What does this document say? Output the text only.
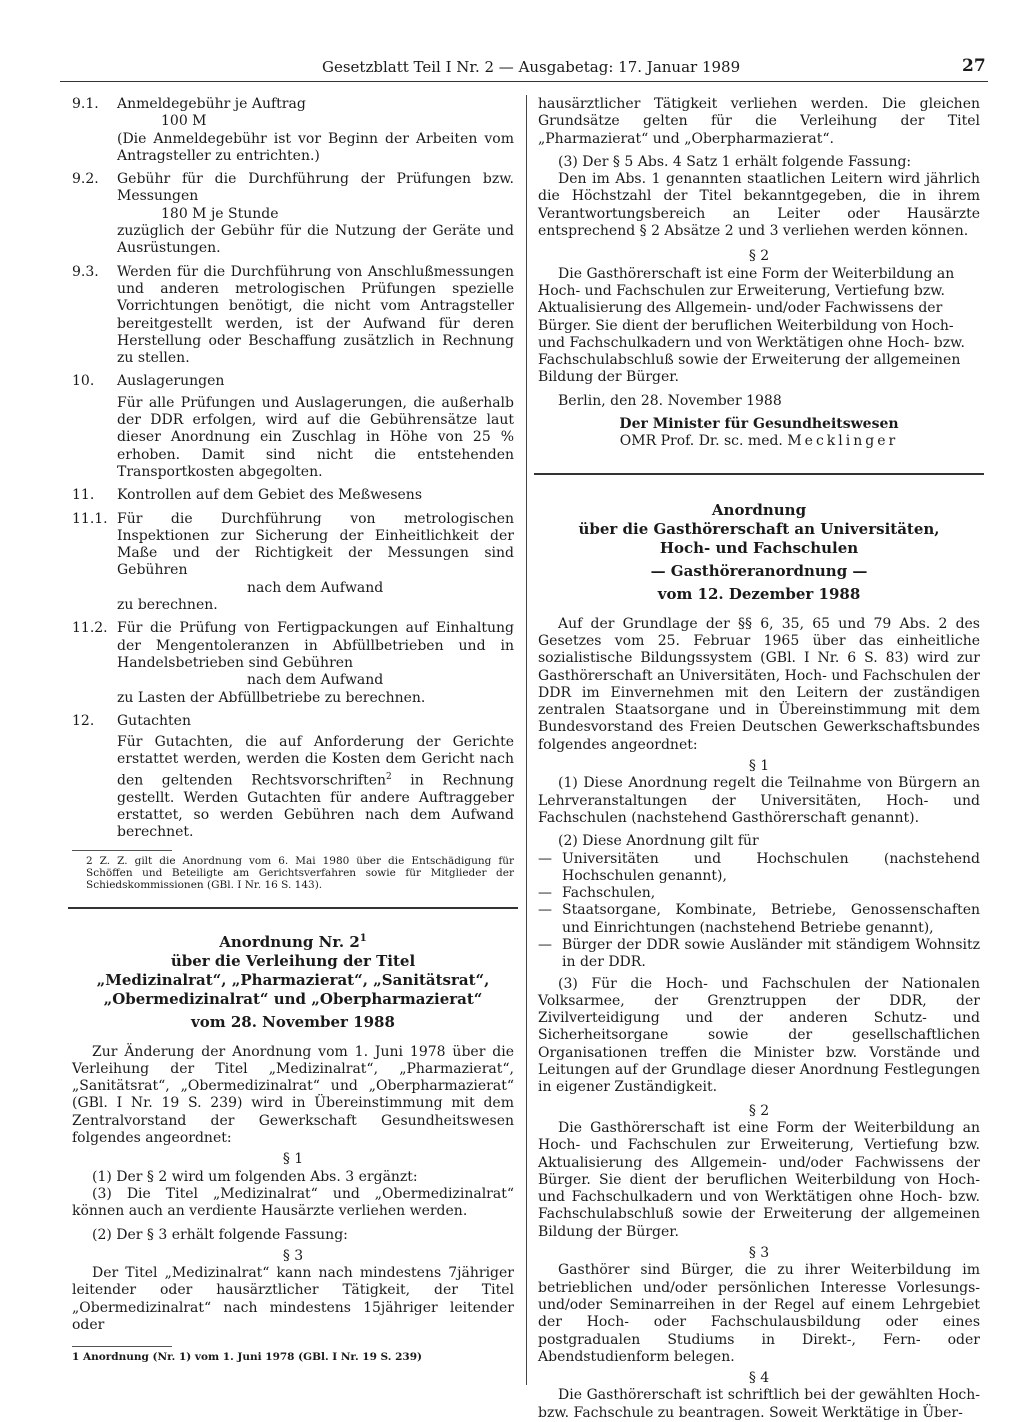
Gesetzblatt Teil I Nr. 2 — Ausgabetag: 17. Januar 1989	27
9.1.	Anmeldegebühr je Auftrag

100 M

(Die Anmeldegebühr ist vor Beginn der Arbeiten vom Antragsteller zu entrichten.)

9.2.	Gebühr für die Durchführung der Prüfungen bzw. Messungen

180 M je Stunde

zuzüglich der Gebühr für die Nutzung der Geräte und Ausrüstungen.

9.3.	Werden für die Durchführung von Anschlußmessungen und anderen metrologischen Prüfungen spezielle Vorrichtungen benötigt, die nicht vom Antragsteller bereitgestellt werden, ist der Aufwand für deren Herstellung oder Beschaffung zusätzlich in Rechnung zu stellen.

10.	Auslagerungen

Für alle Prüfungen und Auslagerungen, die außerhalb der DDR erfolgen, wird auf die Gebührensätze laut dieser Anordnung ein Zuschlag in Höhe von 25 % erhoben. Damit sind nicht die entstehenden Transportkosten abgegolten.

11.	Kontrollen auf dem Gebiet des Meßwesens

11.1. Für die Durchführung von metrologischen Inspektionen zur Sicherung der Einheitlichkeit der Maße und der Richtigkeit der Messungen sind Gebühren

nach dem Aufwand

zu berechnen.

11.2. Für die Prüfung von Fertigpackungen auf Einhaltung der Mengentoleranzen in Abfüllbetrieben und in Handelsbetrieben sind Gebühren

nach dem Aufwand

zu Lasten der Abfüllbetriebe zu berechnen.

12.	Gutachten

Für Gutachten, die auf Anforderung der Gerichte erstattet werden, werden die Kosten dem Gericht nach den geltenden Rechtsvorschriften$^2$ in Rechnung gestellt. Werden Gutachten für andere Auftraggeber erstattet, so werden Gebühren nach dem Aufwand berechnet.

2 Z. Z. gilt die Anordnung vom 6. Mai 1980 über die Entschädigung für Schöffen und Beteiligte am Gerichtsverfahren sowie für Mitglieder der Schiedskommissionen (GBl. I Nr. 16 S. 143).

Anordnung Nr. $2^1$
über die Verleihung der Titel
„Medizinalrat“, „Pharmazierat“, „Sanitätsrat“,
„Obermedizinalrat“ und „Oberpharmazierat“
vom 28. November 1988

Zur Änderung der Anordnung vom 1. Juni 1978 über die Verleihung der Titel „Medizinalrat“, „Pharmazierat“, „Sanitätsrat“, „Obermedizinalrat“ und „Oberpharmazierat“ (GBl. I Nr. 19 S. 239) wird in Übereinstimmung mit dem Zentralvorstand der Gewerkschaft Gesundheitswesen folgendes angeordnet:

§ 1

(1) Der § 2 wird um folgenden Abs. 3 ergänzt:

(3) Die Titel „Medizinalrat“ und „Obermedizinalrat“ können auch an verdiente Hausärzte verliehen werden.

(2) Der § 3 erhält folgende Fassung:

§ 3

Der Titel „Medizinalrat“ kann nach mindestens 7jähriger leitender oder hausärztlicher Tätigkeit, der Titel „Obermedizinalrat“ nach mindestens 15jähriger leitender oder

1 Anordnung (Nr. 1) vom 1. Juni 1978 (GBl. I Nr. 19 S. 239)

hausärztlicher Tätigkeit verliehen werden. Die gleichen Grundsätze gelten für die Verleihung der Titel „Pharmazierat“ und „Oberpharmazierat“.

(3) Der § 5 Abs. 4 Satz 1 erhält folgende Fassung:

Den im Abs. 1 genannten staatlichen Leitern wird jährlich die Höchstzahl der Titel bekanntgegeben, die in ihrem Verantwortungsbereich an Leiter oder Hausärzte entsprechend § 2 Absätze 2 und 3 verliehen werden können.

§ 2

Die Gasthörerschaft ist eine Form der Weiterbildung an Hoch- und Fachschulen zur Erweiterung, Vertiefung bzw. Aktualisierung des Allgemein- und/oder Fachwissens der Bürger. Sie dient der beruflichen Weiterbildung von Hoch- und Fachschulkadern und von Werktätigen ohne Hoch- bzw. Fachschulabschluß sowie der Erweiterung der allgemeinen Bildung der Bürger.

Berlin, den 28. November 1988

Der Minister für Gesundheitswesen

OMR Prof. Dr. sc. med. Mecklinger

Anordnung
über die Gasthörerschaft an Universitäten,
Hoch- und Fachschulen
— Gasthöreranordnung —
vom 12. Dezember 1988

Auf der Grundlage der §§ 6, 35, 65 und 79 Abs. 2 des Gesetzes vom 25. Februar 1965 über das einheitliche sozialistische Bildungssystem (GBl. I Nr. 6 S. 83) wird zur Gasthörerschaft an Universitäten, Hoch- und Fachschulen der DDR im Einvernehmen mit den Leitern der zuständigen zentralen Staatsorgane und in Übereinstimmung mit dem Bundesvorstand des Freien Deutschen Gewerkschaftsbundes folgendes angeordnet:

§ 1

(1) Diese Anordnung regelt die Teilnahme von Bürgern an Lehrveranstaltungen der Universitäten, Hoch- und Fachschulen (nachstehend Gasthörerschaft genannt).

(2) Diese Anordnung gilt für

— Universitäten und Hochschulen (nachstehend Hochschulen genannt),
— Fachschulen,
— Staatsorgane, Kombinate, Betriebe, Genossenschaften und Einrichtungen (nachstehend Betriebe genannt),
— Bürger der DDR sowie Ausländer mit ständigem Wohnsitz in der DDR.

(3) Für die Hoch- und Fachschulen der Nationalen Volksarmee, der Grenztruppen der DDR, der Zivilverteidigung und der anderen Schutz- und Sicherheitsorgane sowie der gesellschaftlichen Organisationen treffen die Minister bzw. Vorstände und Leitungen auf der Grundlage dieser Anordnung Festlegungen in eigener Zuständigkeit.

§ 2

Die Gasthörerschaft ist eine Form der Weiterbildung an Hoch- und Fachschulen zur Erweiterung, Vertiefung bzw. Aktualisierung des Allgemein- und/oder Fachwissens der Bürger. Sie dient der beruflichen Weiterbildung von Hoch- und Fachschulkadern und von Werktätigen ohne Hoch- bzw. Fachschulabschluß sowie der Erweiterung der allgemeinen Bildung der Bürger.

§ 3

Gasthörer sind Bürger, die zu ihrer Weiterbildung im betrieblichen und/oder persönlichen Interesse Vorlesungs- und/oder Seminarreihen in der Regel auf einem Lehrgebiet der Hoch- oder Fachschulausbildung oder eines postgradualen Studiums in Direkt-, Fern- oder Abendstudienform belegen.

§ 4

Die Gasthörerschaft ist schriftlich bei der gewählten Hoch- bzw. Fachschule zu beantragen. Soweit Werktätige in Über-
